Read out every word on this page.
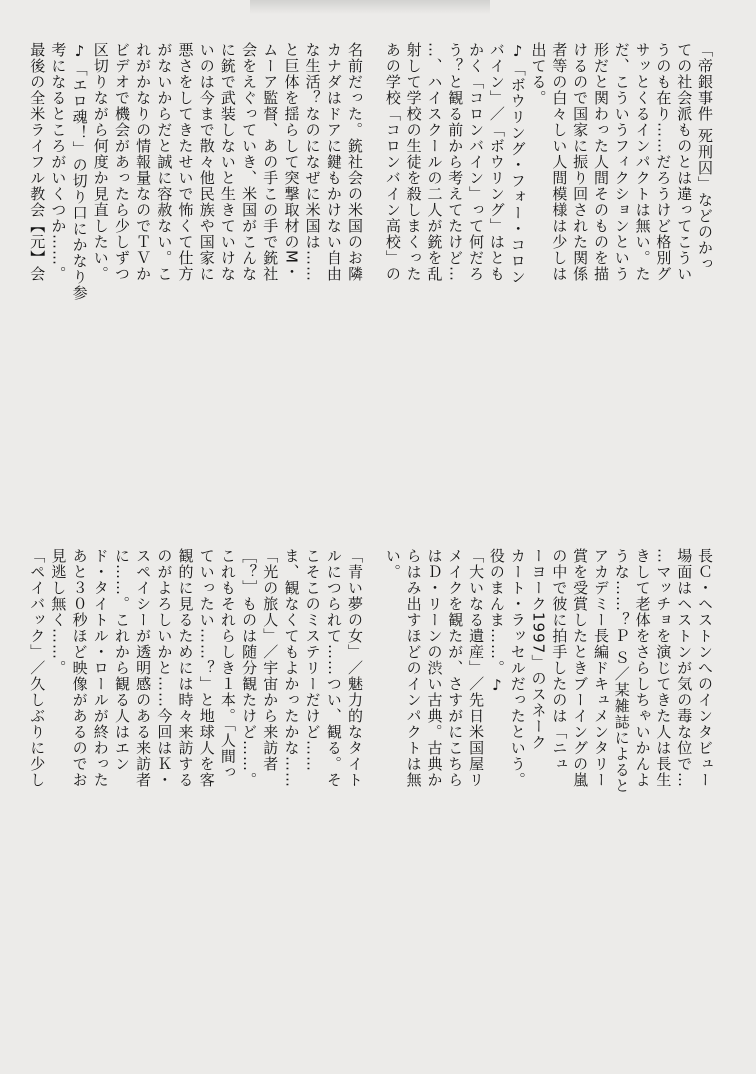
「帝銀事件 死刑囚」などのかっ
ての社会派ものとは違ってこうい
うのも在り……だろうけど格別グ
サッとくるインパクトは無い。た
だ、こういうフィクションという
形だと関わった人間そのものを描
けるので国家に振り回された関係
者等の白々しい人間模様は少しは
出てる。
♪「ボウリング・フォー・コロン
バイン」／「ボウリング」はとも
かく「コロンバイン」って何だろ
う？と観る前から考えてたけど…
…、ハイスクールの二人が銃を乱
射して学校の生徒を殺しまくった
あの学校「コロンバイン高校」の
名前だった。銃社会の米国のお隣
カナダはドアに鍵もかけない自由
な生活？なのになぜに米国は……
と巨体を揺らして突撃取材のM・
ムーア監督、あの手この手で銃社
会をえぐっていき、米国がこんな
に銃で武装しないと生きていけな
いのは今まで散々他民族や国家に
悪さをしてきたせいで怖くて仕方
がないからだと誠に容赦ない。こ
れがかなりの情報量なのでＴＶか
ビデオで機会があったら少しずつ
区切りながら何度か見直したい。
♪「エロ魂！」の切り口にかなり参
考になるところがいくつか……。
最後の全米ライフル教会【元】会
長Ｃ・ヘストンへのインタビュー
場面はヘストンが気の毒な位で…
…マッチョを演じてきた人は長生
きして老体をさらしちゃいかんよ
うな……？Ｐ Ｓ／某雑誌によると
アカデミー長編ドキュメンタリー
賞を受賞したときブーイングの嵐
の中で彼に拍手したのは「ニュ
ーヨーク1997」のスネーク
カート・ラッセルだったという。
役のまんま……。♪
「大いなる遺産」／先日米国屋リ
メイクを観たが、さすがにこちら
はＤ・リーンの渋い古典。古典か
らはみ出すほどのインパクトは無
い。
「青い夢の女」／魅力的なタイト
ルにつられて……つい、観る。そ
こそこのミステリーだけど……
ま、観なくてもよかったかな……
「光の旅人」／宇宙から来訪者
［？］ものは随分観たけど……。
これもそれらしき１本。「人間っ
ていったい……？」と地球人を客
観的に見るためには時々来訪する
のがよろしいかと……今回はＫ・
スペイシーが透明感のある来訪者
に……。これから観る人はエン
ド・タイトル・ロールが終わった
あと３０秒ほど映像があるのでお
見逃し無く……。
「ペイバック」／久しぶりに少し
